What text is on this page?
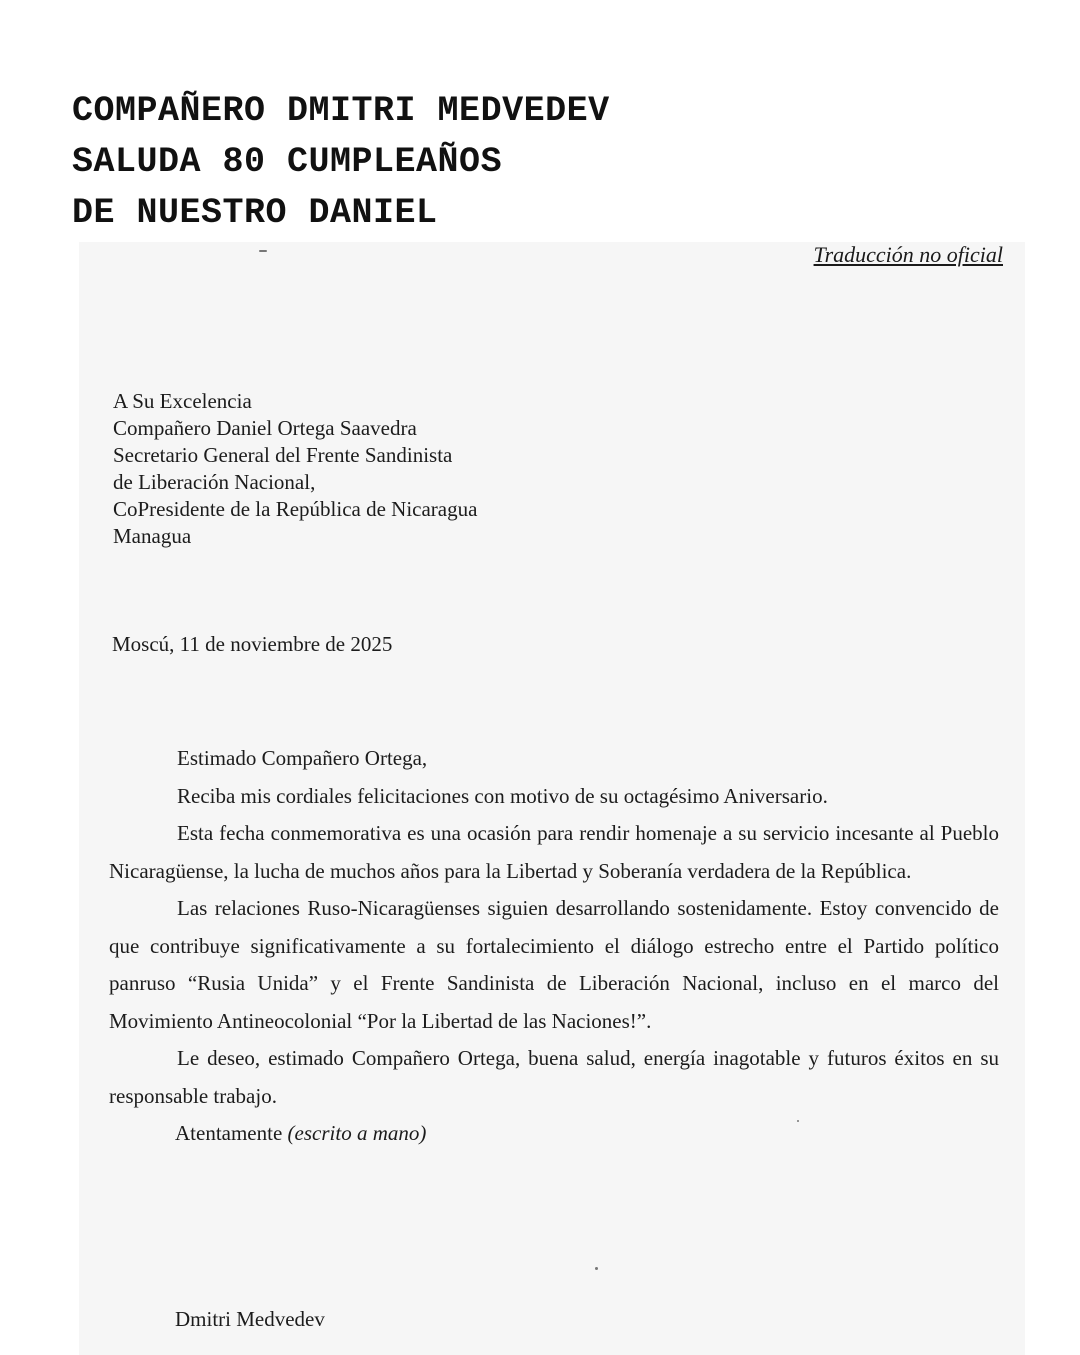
COMPAÑERO DMITRI MEDVEDEV
SALUDA 80 CUMPLEAÑOS
DE NUESTRO DANIEL
Traducción no oficial
A Su Excelencia
Compañero Daniel Ortega Saavedra
Secretario General del Frente Sandinista
de Liberación Nacional,
CoPresidente de la República de Nicaragua
Managua
Moscú, 11 de noviembre de 2025
Estimado Compañero Ortega,

Reciba mis cordiales felicitaciones con motivo de su octagésimo Aniversario.

Esta fecha conmemorativa es una ocasión para rendir homenaje a su servicio incesante al Pueblo Nicaragüense, la lucha de muchos años para la Libertad y Soberanía verdadera de la República.

Las relaciones Ruso-Nicaragüenses siguien desarrollando sostenidamente. Estoy convencido de que contribuye significativamente a su fortalecimiento el diálogo estrecho entre el Partido político panruso “Rusia Unida” y el Frente Sandinista de Liberación Nacional, incluso en el marco del Movimiento Antineocolonial “Por la Libertad de las Naciones!”.

Le deseo, estimado Compañero Ortega, buena salud, energía inagotable y futuros éxitos en su responsable trabajo.

Atentamente (escrito a mano)
Dmitri Medvedev
